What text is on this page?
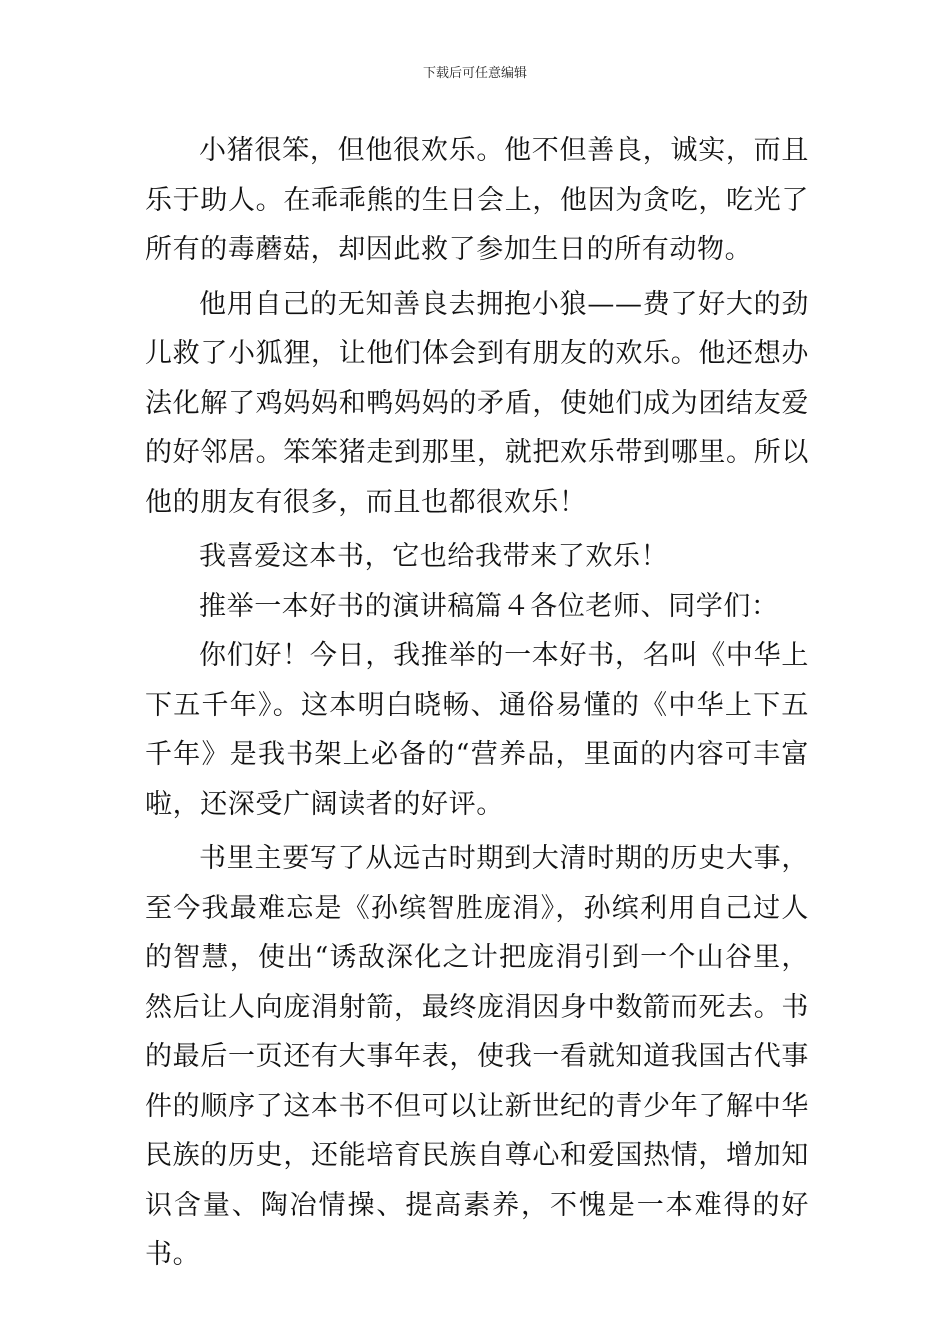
下载后可任意编辑

小猪很笨，但他很欢乐。他不但善良，诚实，而且乐于助人。在乖乖熊的生日会上，他因为贪吃，吃光了所有的毒蘑菇，却因此救了参加生日的所有动物。

他用自己的无知善良去拥抱小狼——费了好大的劲儿救了小狐狸，让他们体会到有朋友的欢乐。他还想办法化解了鸡妈妈和鸭妈妈的矛盾，使她们成为团结友爱的好邻居。笨笨猪走到那里，就把欢乐带到哪里。所以他的朋友有很多，而且也都很欢乐！

我喜爱这本书，它也给我带来了欢乐！

推举一本好书的演讲稿篇４各位老师、同学们：

你们好！今日，我推举的一本好书，名叫《中华上下五千年》。这本明白晓畅、通俗易懂的《中华上下五千年》是我书架上必备的“营养品，里面的内容可丰富啦，还深受广阔读者的好评。

书里主要写了从远古时期到大清时期的历史大事，至今我最难忘是《孙缤智胜庞涓》，孙缤利用自己过人的智慧，使出“诱敌深化之计把庞涓引到一个山谷里，然后让人向庞涓射箭，最终庞涓因身中数箭而死去。书的最后一页还有大事年表，使我一看就知道我国古代事件的顺序了这本书不但可以让新世纪的青少年了解中华民族的历史，还能培育民族自尊心和爱国热情，增加知识含量、陶冶情操、提高素养，不愧是一本难得的好书。
